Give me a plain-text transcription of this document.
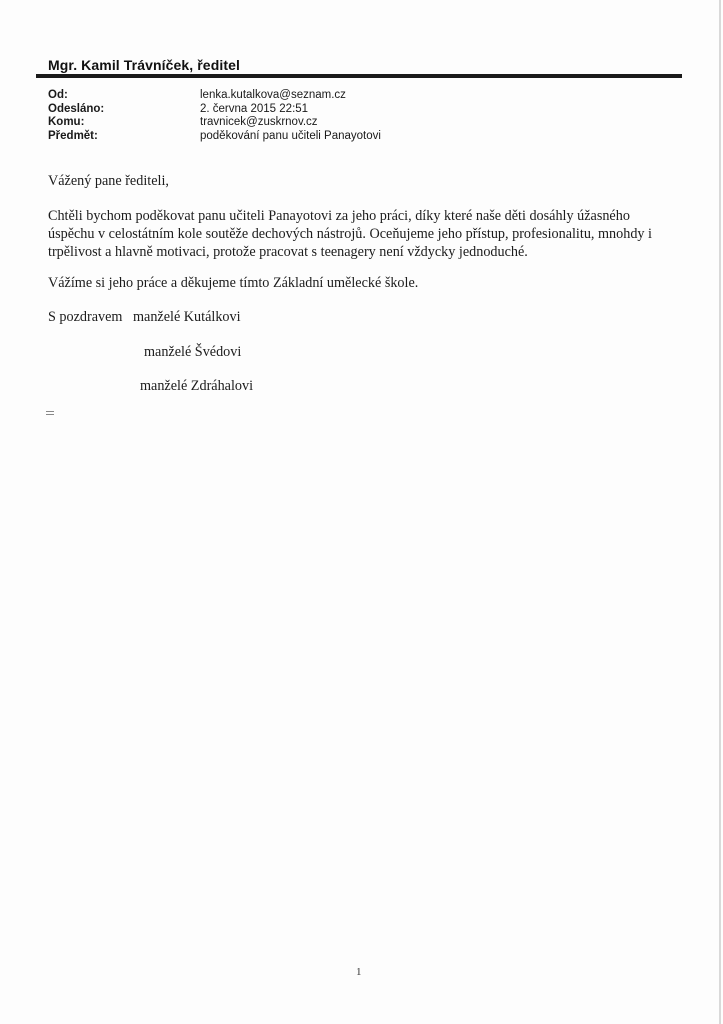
Mgr. Kamil Trávníček, ředitel
Od:	lenka.kutalkova@seznam.cz
Odesláno:	2. června 2015 22:51
Komu:	travnicek@zuskrnov.cz
Předmět:	poděkování panu učiteli Panayotovi
Vážený pane řediteli,
Chtěli bychom poděkovat panu učiteli Panayotovi za jeho práci, díky které naše děti dosáhly úžasného
úspěchu v celostátním kole soutěže dechových nástrojů. Oceňujeme jeho přístup, profesionalitu, mnohdy i
trpělivost a hlavně motivaci, protože pracovat s teenagery není vždycky jednoduché.
Vážíme si jeho práce a děkujeme tímto Základní umělecké škole.
S pozdravem manželé Kutálkovi
manželé Švédovi
manželé Zdráhalovi
1
